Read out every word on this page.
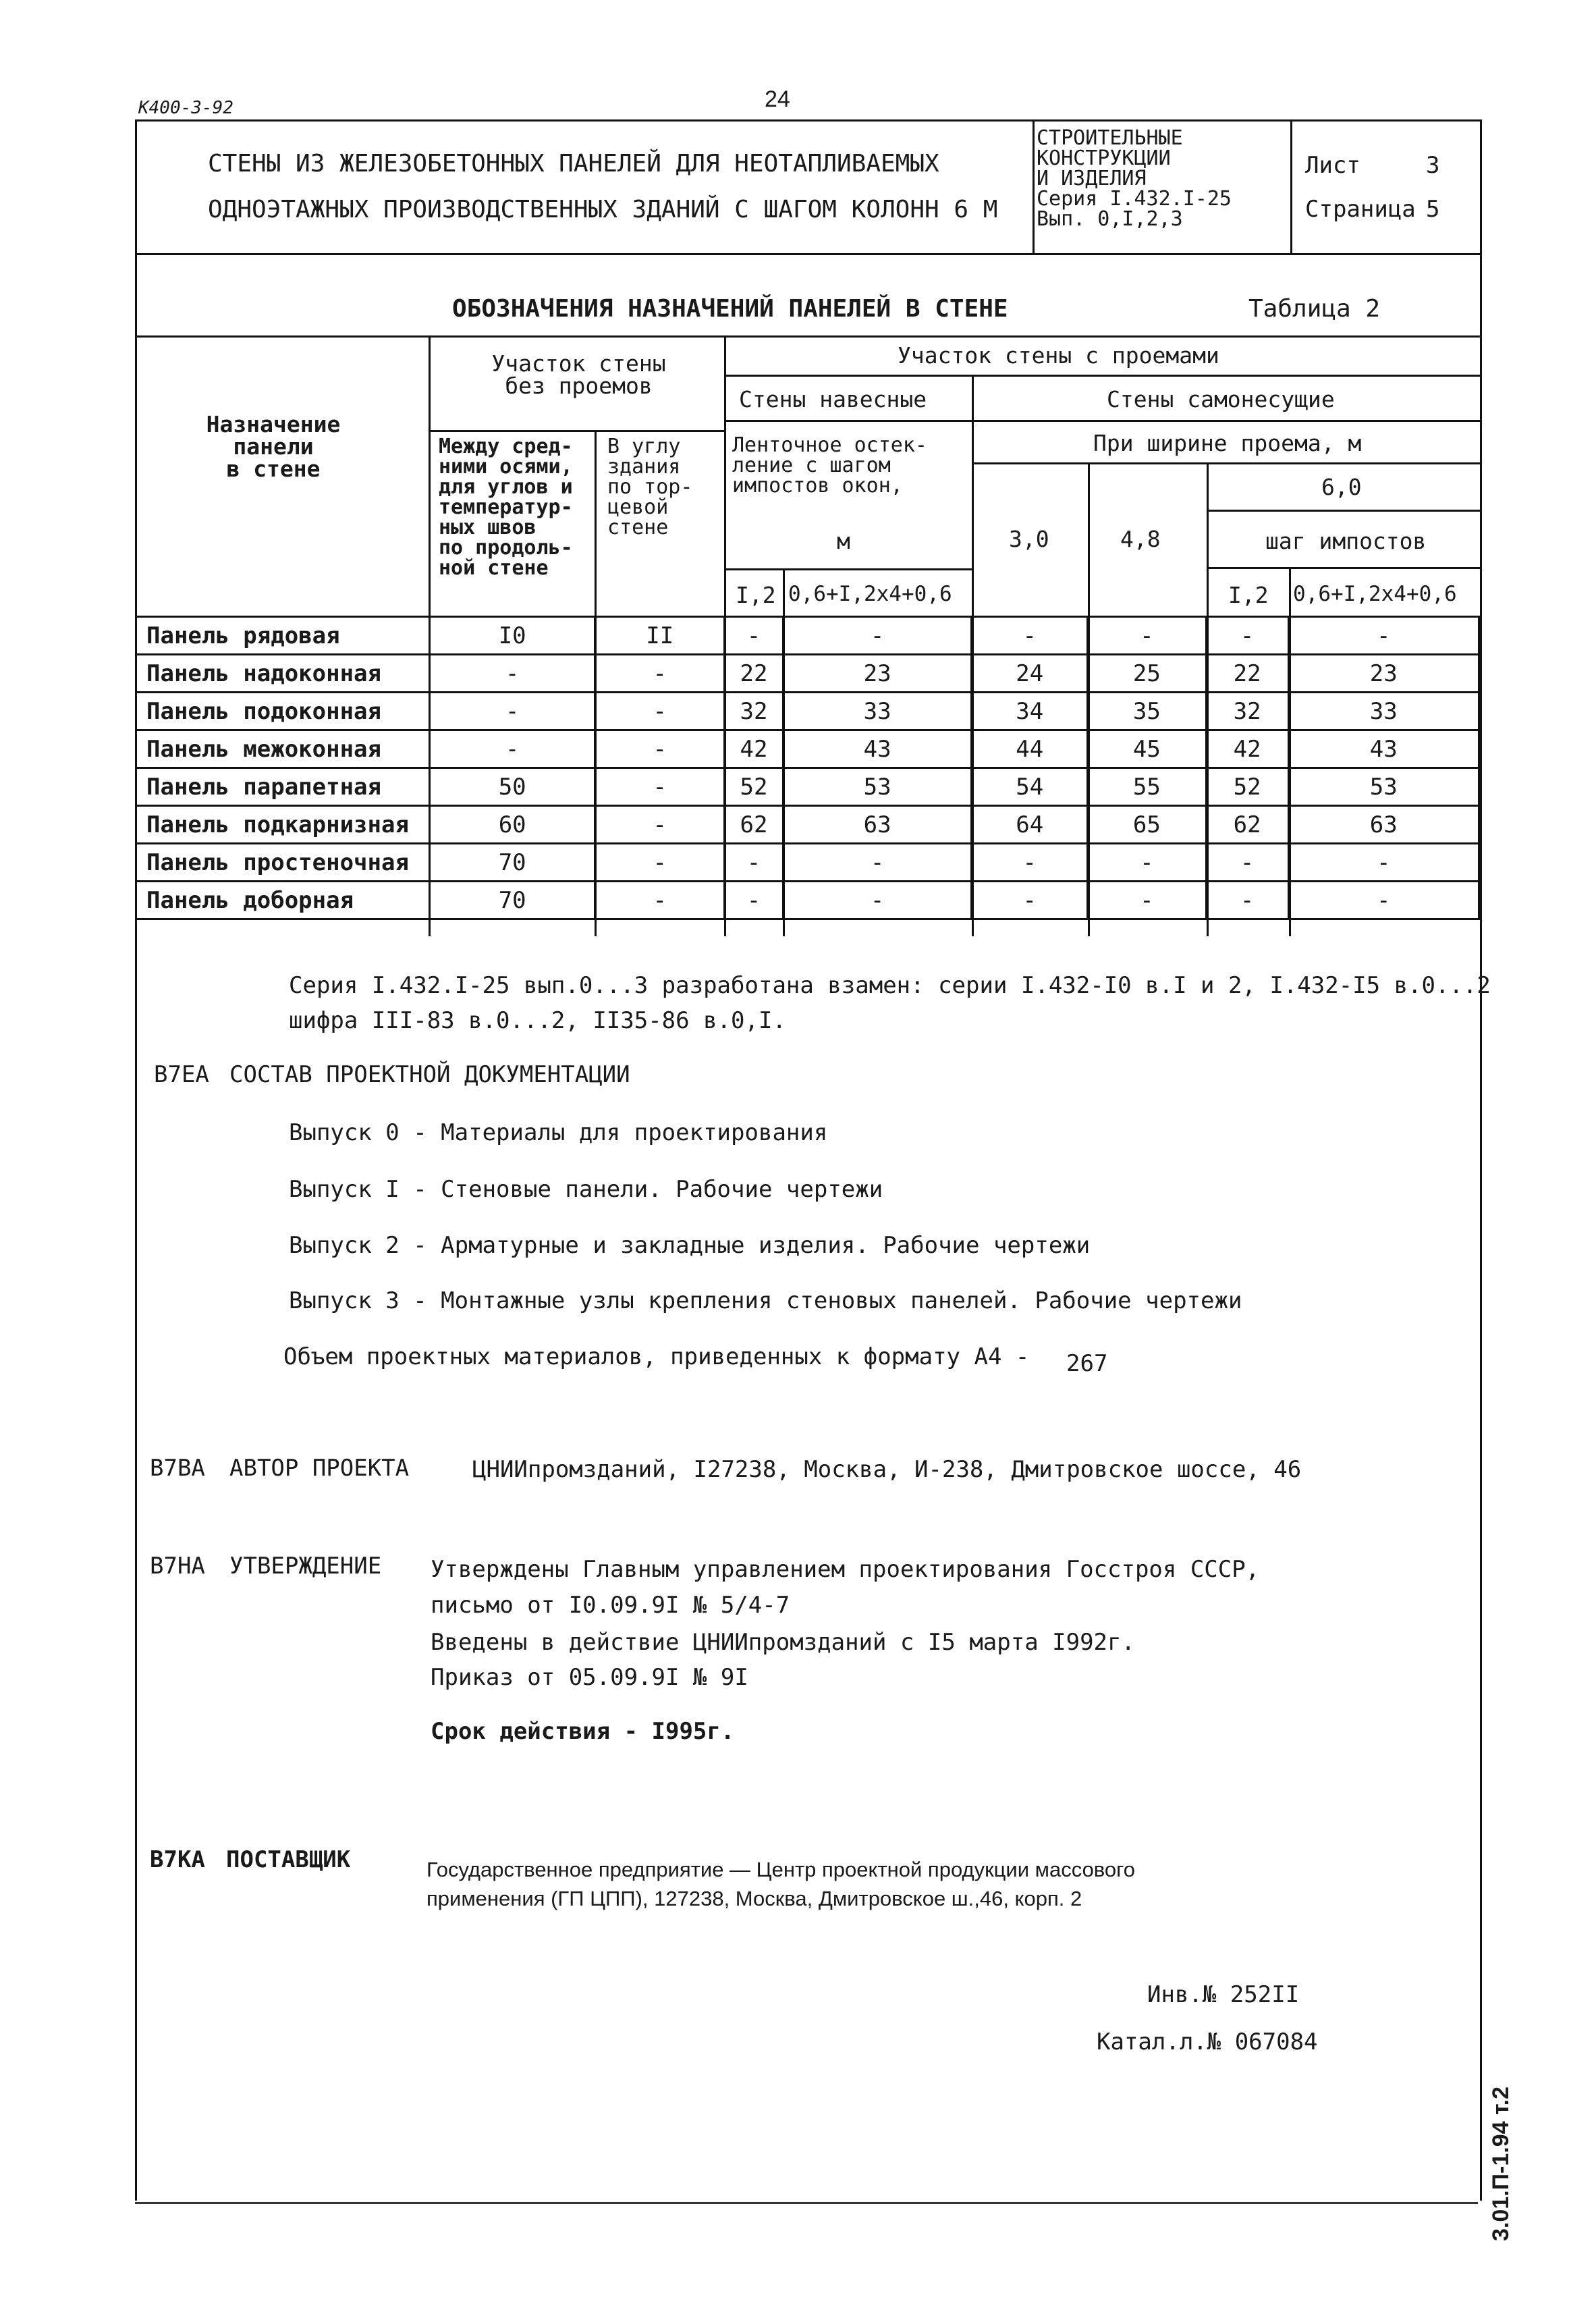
К400-3-92	24
СТЕНЫ ИЗ ЖЕЛЕЗОБЕТОННЫХ ПАНЕЛЕЙ ДЛЯ НЕОТАПЛИВАЕМЫХ
ОДНОЭТАЖНЫХ ПРОИЗВОДСТВЕННЫХ ЗДАНИЙ С ШАГОМ КОЛОНН 6 М
СТРОИТЕЛЬНЫЕ
КОНСТРУКЦИИ
И ИЗДЕЛИЯ
Серия I.432.I-25
Вып. 0,I,2,3
Лист	3
Страница 5
ОБОЗНАЧЕНИЯ НАЗНАЧЕНИЙ ПАНЕЛЕЙ В СТЕНЕ	Таблица 2
Назначение
панели
в стене
Участок стены
без проемов
Между сред-
ними осями,
для углов и
температур-
ных швов
по продоль-
ной стене
В углу
здания
по тор-
цевой
стене
Участок стены с проемами
Стены навесные	Стены самонесущие
Ленточное остек-
ление с шагом
импостов окон,
м
При ширине проема, м
3,0	4,8
6,0
шаг импостов
I,2 0,6+I,2x4+0,6	I,2 0,6+I,2x4+0,6
Панель рядовая	I0	II	-	-	-	-	-	-
Панель надоконная	-	-	22	23	24	25	22	23
Панель подоконная	-	-	32	33	34	35	32	33
Панель межоконная	-	-	42	43	44	45	42	43
Панель парапетная	50	-	52	53	54	55	52	53
Панель подкарнизная	60	-	62	63	64	65	62	63
Панель простеночная	70	-	-	-	-	-	-	-
Панель доборная	70	-	-	-	-	-	-	-
Серия I.432.I-25 вып.0...3 разработана взамен: серии I.432-I0 в.I и 2, I.432-I5 в.0...2
шифра III-83 в.0...2, II35-86 в.0,I.
B7EA СОСТАВ ПРОЕКТНОЙ ДОКУМЕНТАЦИИ
Выпуск 0 - Материалы для проектирования
Выпуск I - Стеновые панели. Рабочие чертежи
Выпуск 2 - Арматурные и закладные изделия. Рабочие чертежи
Выпуск 3 - Монтажные узлы крепления стеновых панелей. Рабочие чертежи
Объем проектных материалов, приведенных к формату А4 - 267
B7BA АВТОР ПРОЕКТА	ЦНИИпромзданий, I27238, Москва, И-238, Дмитровское шоссе, 46
B7HA УТВЕРЖДЕНИЕ Утверждены Главным управлением проектирования Госстроя СССР,
письмо от I0.09.9I № 5/4-7
Введены в действие ЦНИИпромзданий с I5 марта I992г.
Приказ от 05.09.9I № 9I
Срок действия - I995г.
B7KA ПОСТАВЩИК	Государственное предприятие — Центр проектной продукции массового
применения (ГП ЦПП), 127238, Москва, Дмитровское ш.,46, корп. 2
Инв.№ 252II
Катал.л.№ 067084
3.01.П-1.94 т.2
